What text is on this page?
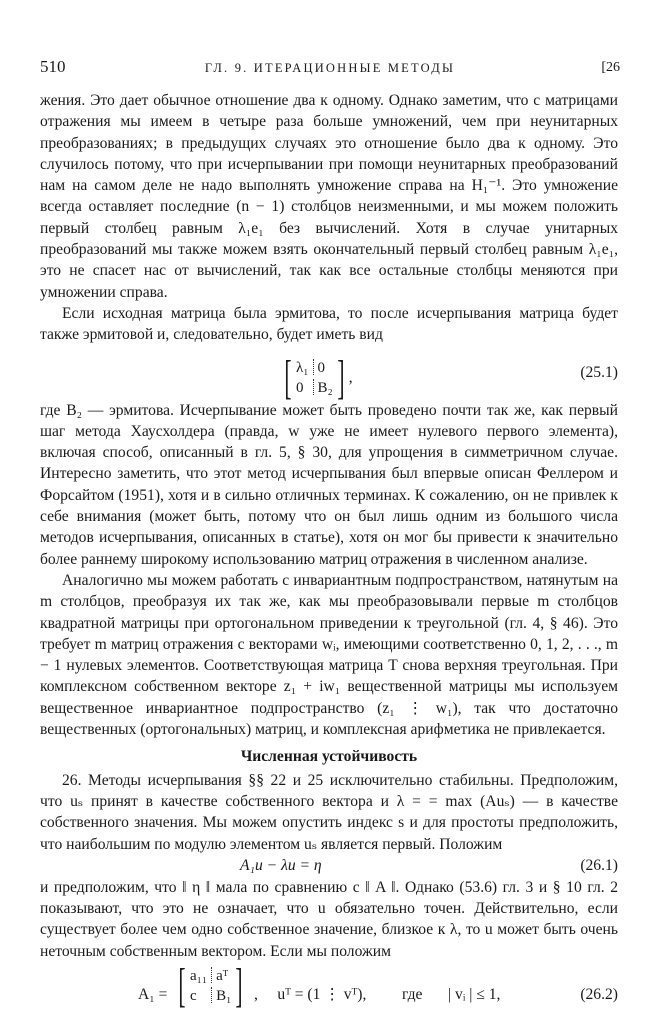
510	ГЛ. 9. ИТЕРАЦИОННЫЕ МЕТОДЫ	[26

жения. Это дает обычное отношение два к одному. Однако заметим, что с матрицами отражения мы имеем в четыре раза больше умножений, чем при неунитарных преобразованиях; в предыдущих случаях это отношение было два к одному. Это случилось потому, что при исчерпывании при помощи неунитарных преобразований нам на самом деле не надо выполнять умножение справа на H₁⁻¹. Это умножение всегда оставляет последние (n − 1) столбцов неизменными, и мы можем положить первый столбец равным λ₁e₁ без вычислений. Хотя в случае унитарных преобразований мы также можем взять окончательный первый столбец равным λ₁e₁, это не спасет нас от вычислений, так как все остальные столбцы меняются при умножении справа.

Если исходная матрица была эрмитова, то после исчерпывания матрица будет также эрмитовой и, следовательно, будет иметь вид

[ λ₁ 0
0 B₂ ] ,	(25.1)

где B₂ — эрмитова. Исчерпывание может быть проведено почти так же, как первый шаг метода Хаусхолдера (правда, w уже не имеет нулевого первого элемента), включая способ, описанный в гл. 5, § 30, для упрощения в симметричном случае. Интересно заметить, что этот метод исчерпывания был впервые описан Феллером и Форсайтом (1951), хотя и в сильно отличных терминах. К сожалению, он не привлек к себе внимания (может быть, потому что он был лишь одним из большого числа методов исчерпывания, описанных в статье), хотя он мог бы привести к значительно более раннему широкому использованию матриц отражения в численном анализе.

Аналогично мы можем работать с инвариантным подпространством, натянутым на m столбцов, преобразуя их так же, как мы преобразовывали первые m столбцов квадратной матрицы при ортогональном приведении к треугольной (гл. 4, § 46). Это требует m матриц отражения с векторами wᵢ, имеющими соответственно 0, 1, 2, . . ., m − 1 нулевых элементов. Соответствующая матрица T снова верхняя треугольная. При комплексном собственном векторе z₁ + iw₁ вещественной матрицы мы используем вещественное инвариантное подпространство (z₁ ⋮ w₁), так что достаточно вещественных (ортогональных) матриц, и комплексная арифметика не привлекается.

Численная устойчивость

26. Методы исчерпывания §§ 22 и 25 исключительно стабильны. Предположим, что uₛ принят в качестве собственного вектора и λ = = max (Auₛ) — в качестве собственного значения. Мы можем опустить индекс s и для простоты предположить, что наибольшим по модулю элементом uₛ является первый. Положим

A₁u − λu = η	(26.1)

и предположим, что ‖ η ‖ мала по сравнению с ‖ A ‖. Однако (53.6) гл. 3 и § 10 гл. 2 показывают, что это не означает, что u обязательно точен. Действительно, если существует более чем одно собственное значение, близкое к λ, то u может быть очень неточным собственным вектором. Если мы положим

A₁ = [ a₁₁ aᵀ
c	B₁ ] ,     uᵀ = (1 ⋮ vᵀ), где | vᵢ | ≤ 1,	(26.2)
